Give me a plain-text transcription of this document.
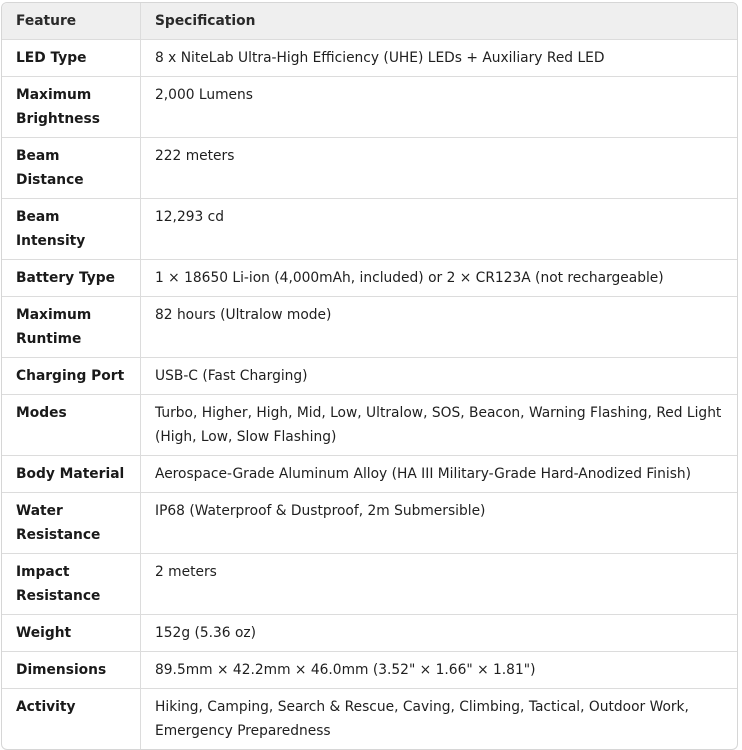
Feature	Specification
LED Type	8 x NiteLab Ultra-High Efficiency (UHE) LEDs + Auxiliary Red LED
Maximum Brightness	2,000 Lumens
Beam Distance	222 meters
Beam Intensity	12,293 cd
Battery Type	1 × 18650 Li-ion (4,000mAh, included) or 2 × CR123A (not rechargeable)
Maximum Runtime	82 hours (Ultralow mode)
Charging Port	USB-C (Fast Charging)
Modes	Turbo, Higher, High, Mid, Low, Ultralow, SOS, Beacon, Warning Flashing, Red Light (High, Low, Slow Flashing)
Body Material	Aerospace-Grade Aluminum Alloy (HA III Military-Grade Hard-Anodized Finish)
Water Resistance	IP68 (Waterproof & Dustproof, 2m Submersible)
Impact Resistance	2 meters
Weight	152g (5.36 oz)
Dimensions	89.5mm × 42.2mm × 46.0mm (3.52" × 1.66" × 1.81")
Activity	Hiking, Camping, Search & Rescue, Caving, Climbing, Tactical, Outdoor Work, Emergency Preparedness
